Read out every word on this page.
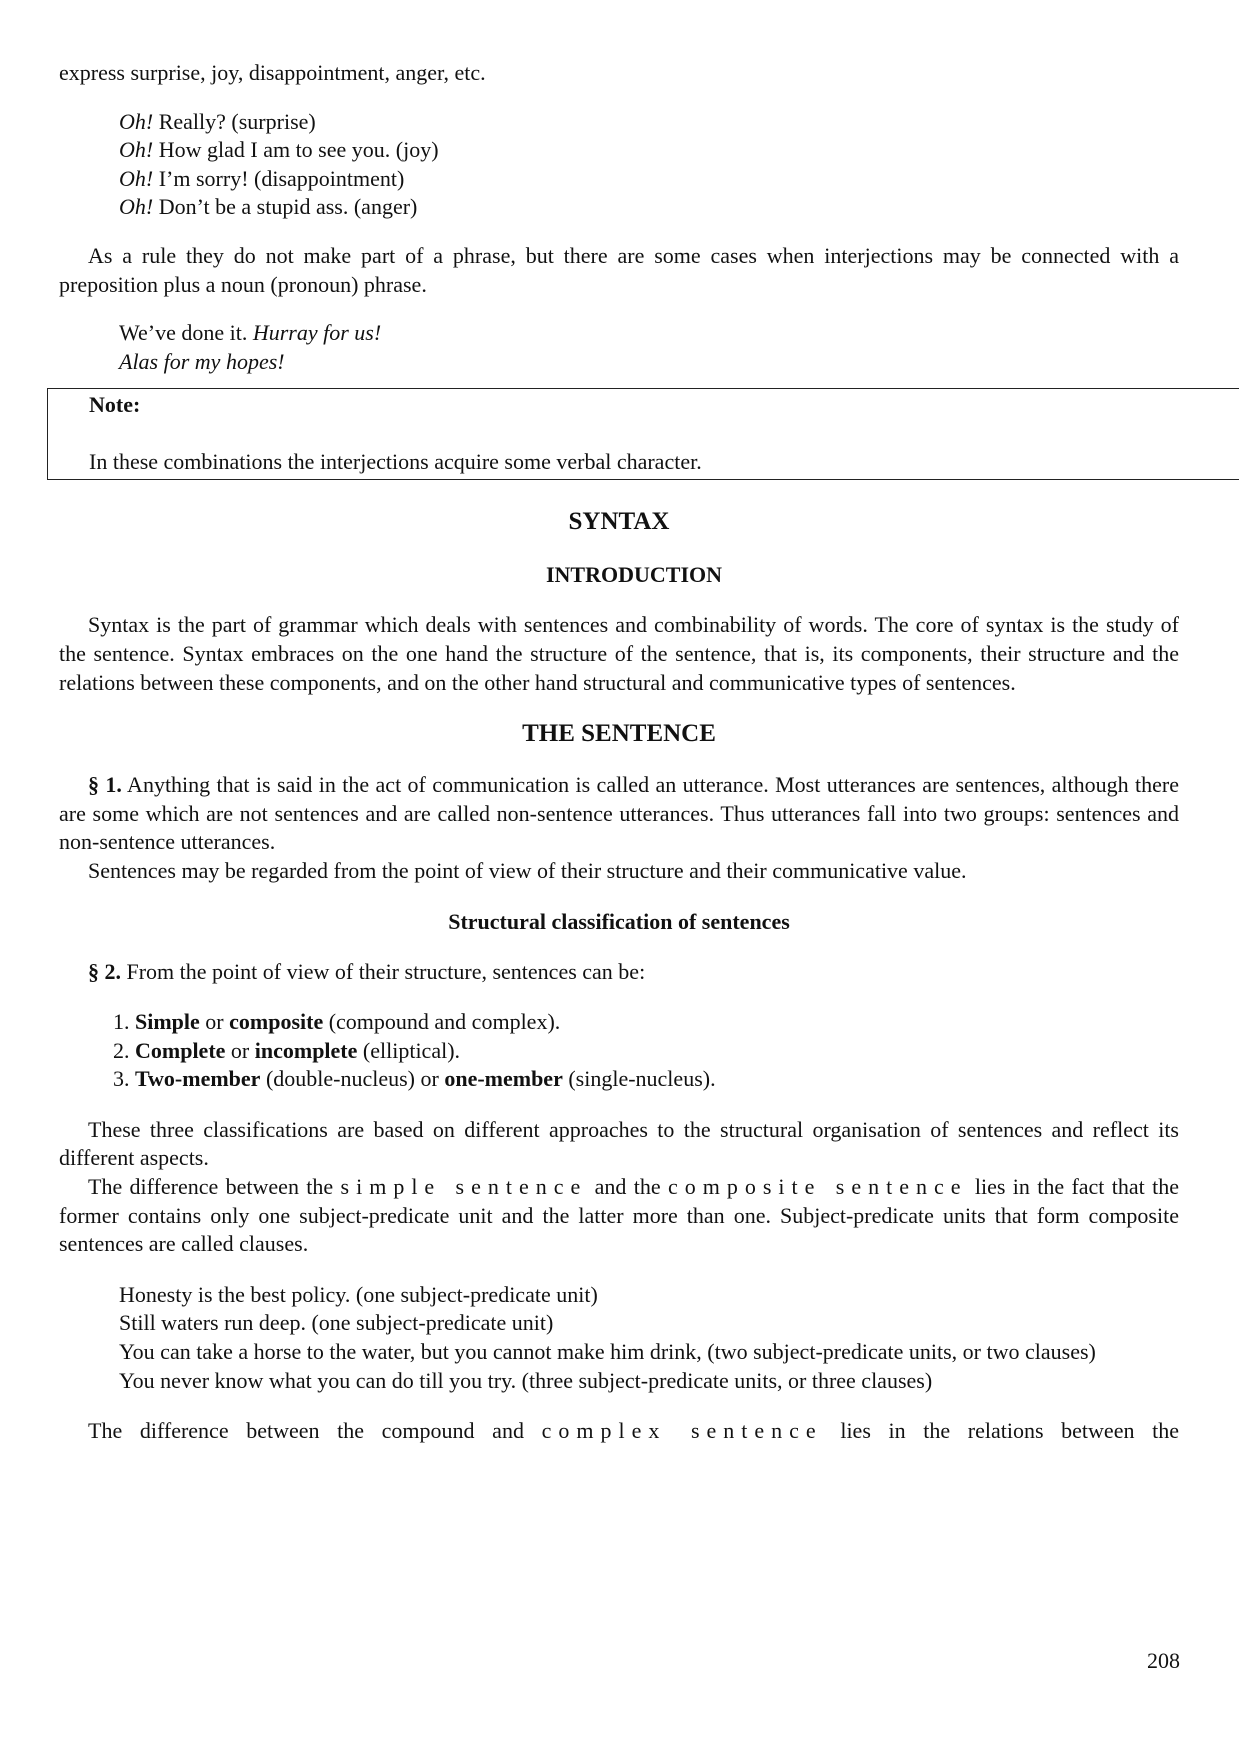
express surprise, joy, disappointment, anger, etc.

Oh! Really? (surprise)
Oh! How glad I am to see you. (joy)
Oh! I’m sorry! (disappointment)
Oh! Don’t be a stupid ass. (anger)

As a rule they do not make part of a phrase, but there are some cases when interjections may be connected with a preposition plus a noun (pronoun) phrase.

We’ve done it. Hurray for us!
Alas for my hopes!
Note:
In these combinations the interjections acquire some verbal character.
SYNTAX
INTRODUCTION

Syntax is the part of grammar which deals with sentences and combinability of words. The core of syntax is the study of the sentence. Syntax embraces on the one hand the structure of the sentence, that is, its components, their structure and the relations between these components, and on the other hand structural and communicative types of sentences.

THE SENTENCE

§ 1. Anything that is said in the act of communication is called an utterance. Most utterances are sentences, although there are some which are not sentences and are called non-sentence utterances. Thus utterances fall into two groups: sentences and non-sentence utterances.

Sentences may be regarded from the point of view of their structure and their communicative value.

Structural classification of sentences

§ 2. From the point of view of their structure, sentences can be:

1. Simple or composite (compound and complex).
2. Complete or incomplete (elliptical).
3. Two-member (double-nucleus) or one-member (single-nucleus).

These three classifications are based on different approaches to the structural organisation of sentences and reflect its different aspects.

The difference between the simple sentence and the composite sentence lies in the fact that the former contains only one subject-predicate unit and the latter more than one. Subject-predicate units that form composite sentences are called clauses.

Honesty is the best policy. (one subject-predicate unit)
Still waters run deep. (one subject-predicate unit)
You can take a horse to the water, but you cannot make him drink, (two subject-predicate units, or two clauses)
You never know what you can do till you try. (three subject-predicate units, or three clauses)

The difference between the compound and complex sentence lies in the relations between the

208
